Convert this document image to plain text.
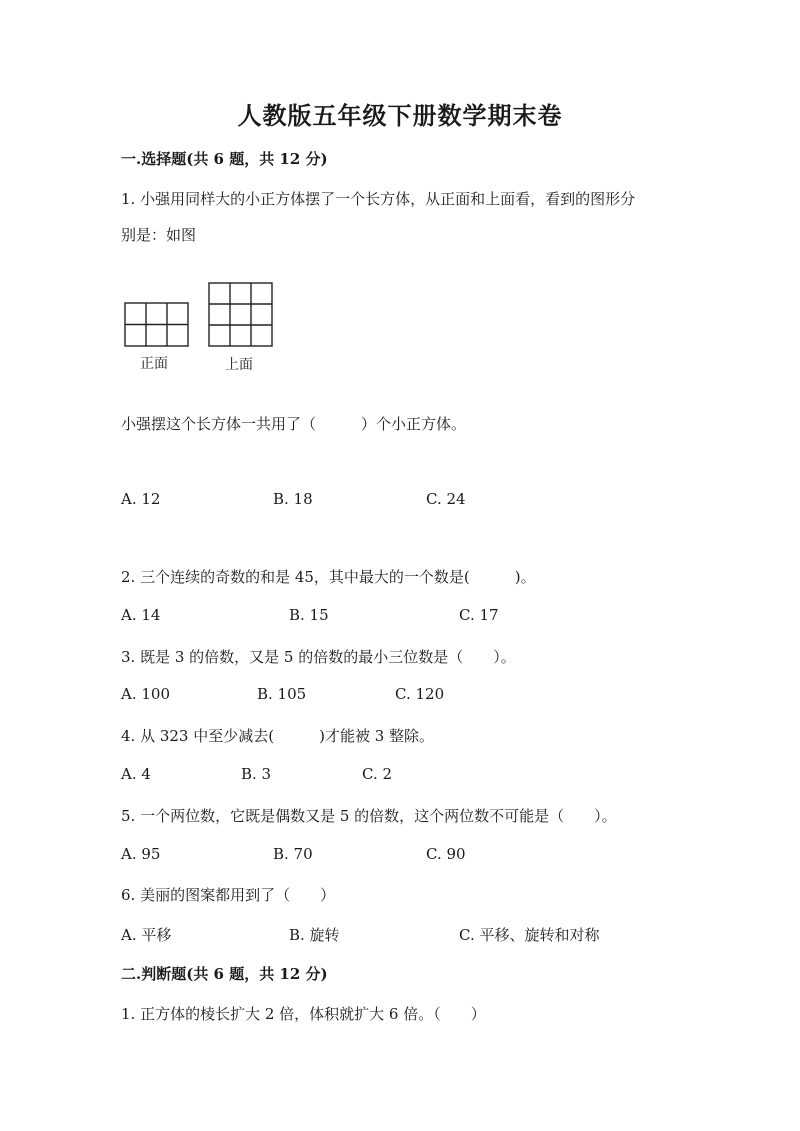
人教版五年级下册数学期末卷
一.选择题(共 6 题，共 12 分)
1. 小强用同样大的小正方体摆了一个长方体，从正面和上面看，看到的图形分
别是：如图
正面	上面
小强摆这个长方体一共用了（　　　）个小正方体。
A. 12	B. 18	C. 24
2. 三个连续的奇数的和是 45，其中最大的一个数是(　　　)。
A. 14	B. 15	C. 17
3. 既是 3 的倍数，又是 5 的倍数的最小三位数是（　　）。
A. 100	B. 105	C. 120
4. 从 323 中至少减去(　　　)才能被 3 整除。
A. 4	B. 3	C. 2
5. 一个两位数，它既是偶数又是 5 的倍数，这个两位数不可能是（　　）。
A. 95	B. 70	C. 90
6. 美丽的图案都用到了（　　）
A. 平移	B. 旋转	C. 平移、旋转和对称
二.判断题(共 6 题，共 12 分)
1. 正方体的棱长扩大 2 倍，体积就扩大 6 倍。（　　）
